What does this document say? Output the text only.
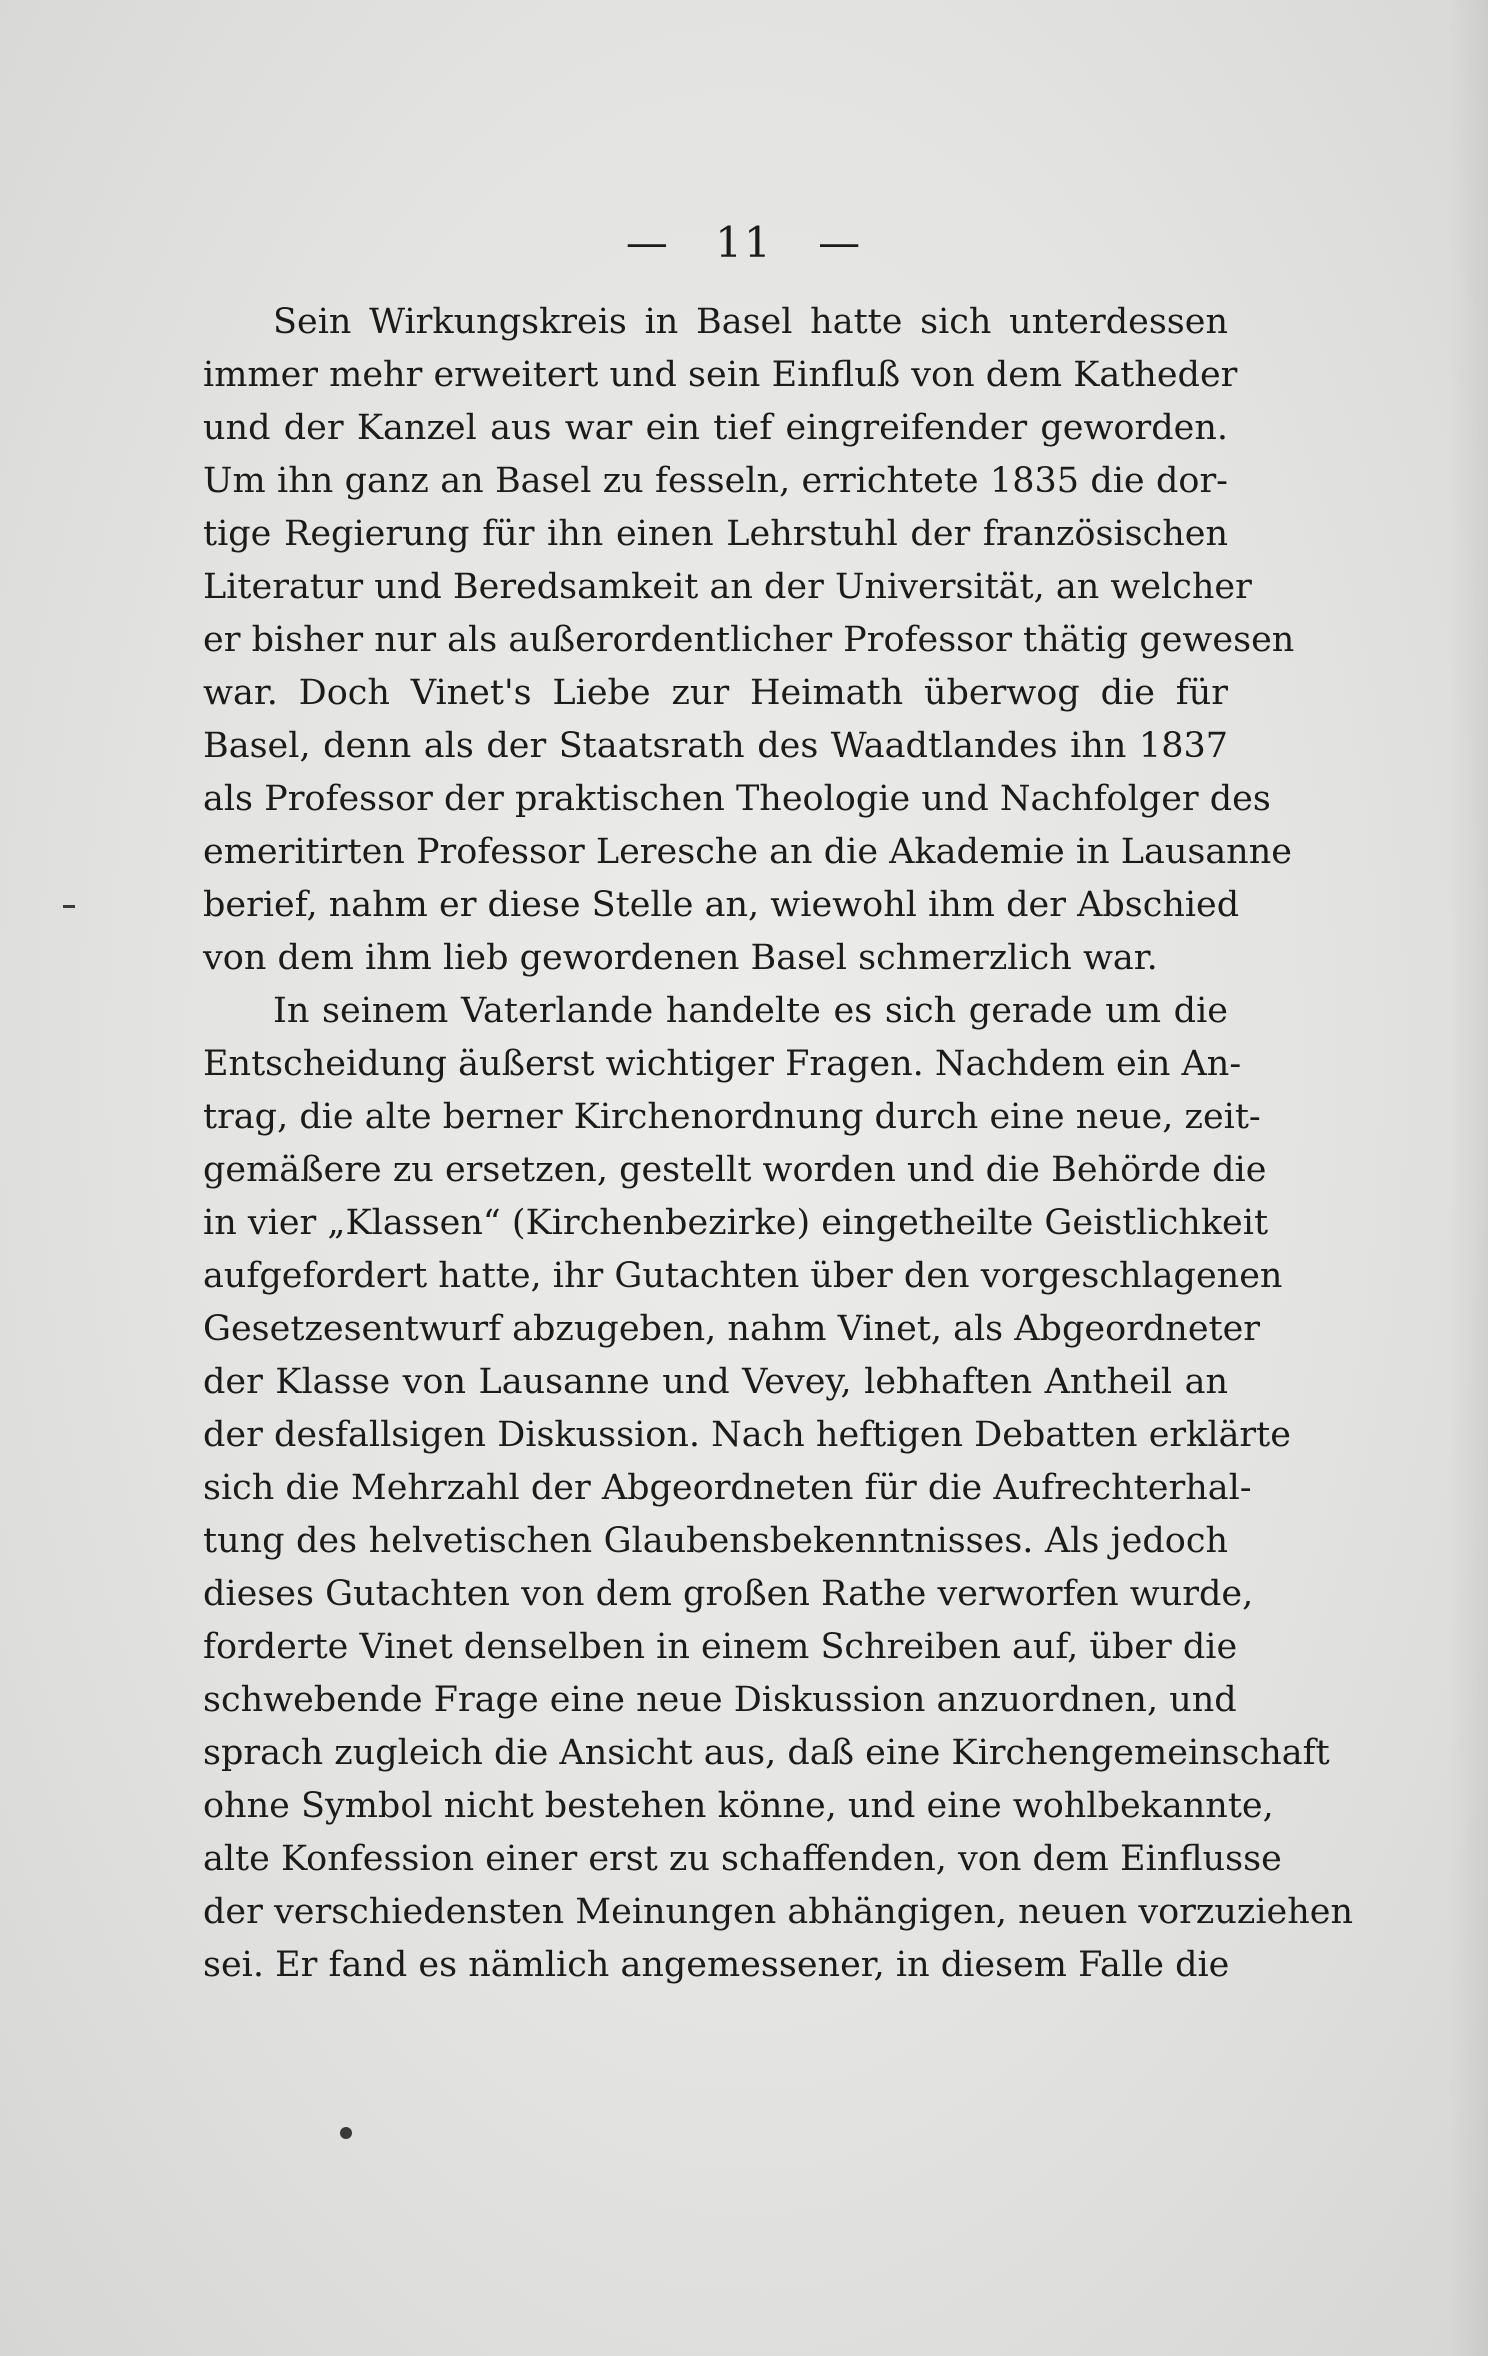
— 11 —
Sein Wirkungskreis in Basel hatte sich unterdessen
immer mehr erweitert und sein Einfluß von dem Katheder
und der Kanzel aus war ein tief eingreifender geworden.
Um ihn ganz an Basel zu fesseln, errichtete 1835 die dor-
tige Regierung für ihn einen Lehrstuhl der französischen
Literatur und Beredsamkeit an der Universität, an welcher
er bisher nur als außerordentlicher Professor thätig gewesen
war. Doch Vinet's Liebe zur Heimath überwog die für
Basel, denn als der Staatsrath des Waadtlandes ihn 1837
als Professor der praktischen Theologie und Nachfolger des
emeritirten Professor Leresche an die Akademie in Lausanne
berief, nahm er diese Stelle an, wiewohl ihm der Abschied
von dem ihm lieb gewordenen Basel schmerzlich war.
In seinem Vaterlande handelte es sich gerade um die
Entscheidung äußerst wichtiger Fragen. Nachdem ein An-
trag, die alte berner Kirchenordnung durch eine neue, zeit-
gemäßere zu ersetzen, gestellt worden und die Behörde die
in vier „Klassen“ (Kirchenbezirke) eingetheilte Geistlichkeit
aufgefordert hatte, ihr Gutachten über den vorgeschlagenen
Gesetzesentwurf abzugeben, nahm Vinet, als Abgeordneter
der Klasse von Lausanne und Vevey, lebhaften Antheil an
der desfallsigen Diskussion. Nach heftigen Debatten erklärte
sich die Mehrzahl der Abgeordneten für die Aufrechterhal-
tung des helvetischen Glaubensbekenntnisses. Als jedoch
dieses Gutachten von dem großen Rathe verworfen wurde,
forderte Vinet denselben in einem Schreiben auf, über die
schwebende Frage eine neue Diskussion anzuordnen, und
sprach zugleich die Ansicht aus, daß eine Kirchengemeinschaft
ohne Symbol nicht bestehen könne, und eine wohlbekannte,
alte Konfession einer erst zu schaffenden, von dem Einflusse
der verschiedensten Meinungen abhängigen, neuen vorzuziehen
sei. Er fand es nämlich angemessener, in diesem Falle die
